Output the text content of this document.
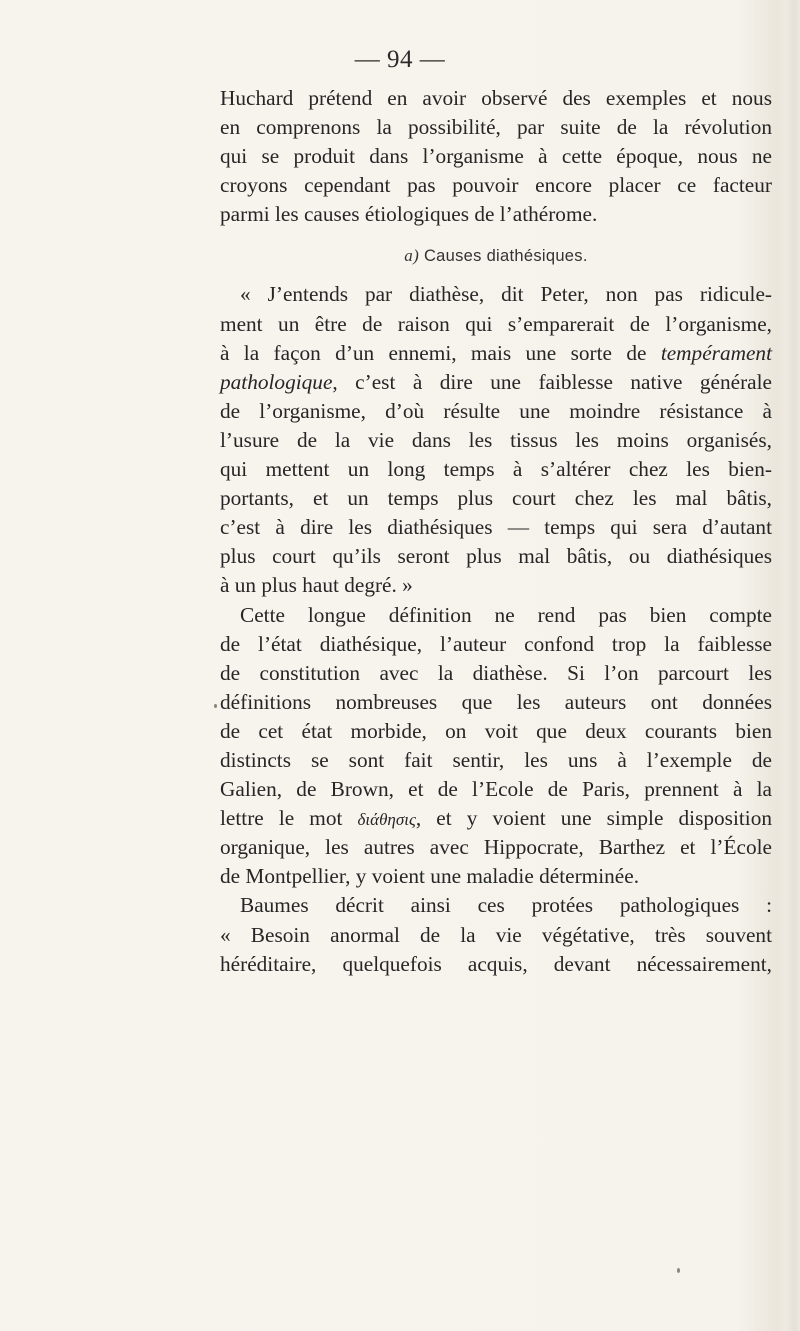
— 94 —
Huchard prétend en avoir observé des exemples et nous
en comprenons la possibilité, par suite de la révolution
qui se produit dans l’organisme à cette époque, nous ne
croyons cependant pas pouvoir encore placer ce facteur
parmi les causes étiologiques de l’athérome.
a) Causes diathésiques.
« J’entends par diathèse, dit Peter, non pas ridicule-
ment un être de raison qui s’emparerait de l’organisme,
à la façon d’un ennemi, mais une sorte de tempérament
pathologique, c’est à dire une faiblesse native générale
de l’organisme, d’où résulte une moindre résistance à
l’usure de la vie dans les tissus les moins organisés,
qui mettent un long temps à s’altérer chez les bien-
portants, et un temps plus court chez les mal bâtis,
c’est à dire les diathésiques — temps qui sera d’autant
plus court qu’ils seront plus mal bâtis, ou diathésiques
à un plus haut degré. »
Cette longue définition ne rend pas bien compte
de l’état diathésique, l’auteur confond trop la faiblesse
de constitution avec la diathèse. Si l’on parcourt les
définitions nombreuses que les auteurs ont données
de cet état morbide, on voit que deux courants bien
distincts se sont fait sentir, les uns à l’exemple de
Galien, de Brown, et de l’Ecole de Paris, prennent à la
lettre le mot διάθησις, et y voient une simple disposition
organique, les autres avec Hippocrate, Barthez et l’École
de Montpellier, y voient une maladie déterminée.
Baumes décrit ainsi ces protées pathologiques :
« Besoin anormal de la vie végétative, très souvent
héréditaire, quelquefois acquis, devant nécessairement,
